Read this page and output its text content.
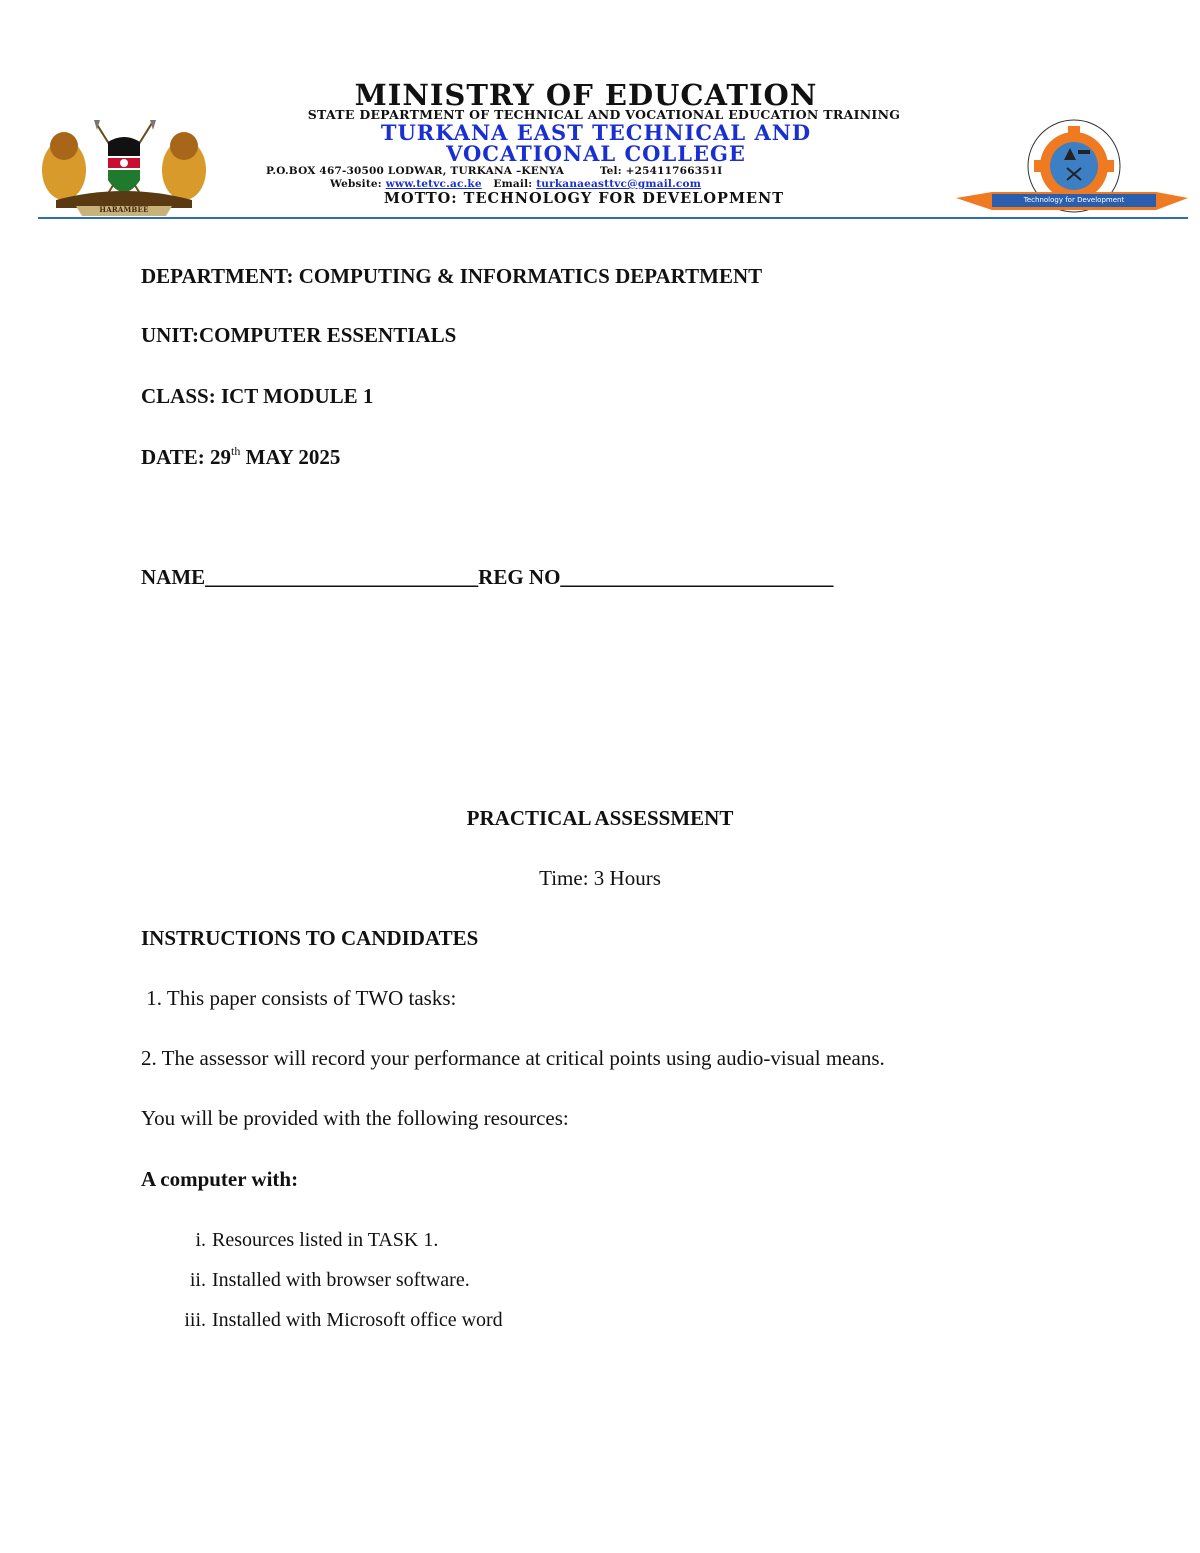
HARAMBEE
Technology for Development
MINISTRY OF EDUCATION
STATE DEPARTMENT OF TECHNICAL AND VOCATIONAL EDUCATION TRAINING
TURKANA EAST TECHNICAL AND
VOCATIONAL COLLEGE
P.O.BOX 467-30500 LODWAR, TURKANA –KENYA	Tel: +25411766351I
Website: www.tetvc.ac.ke Email: turkanaeasttvc@gmail.com
MOTTO: TECHNOLOGY FOR DEVELOPMENT
DEPARTMENT: COMPUTING & INFORMATICS DEPARTMENT
UNIT:COMPUTER ESSENTIALS
CLASS: ICT MODULE 1
DATE: 29th MAY 2025
NAME__________________________REG NO__________________________
PRACTICAL ASSESSMENT
Time: 3 Hours
INSTRUCTIONS TO CANDIDATES
1. This paper consists of TWO tasks:
2. The assessor will record your performance at critical points using audio-visual means.
You will be provided with the following resources:
A computer with:
i. Resources listed in TASK 1.
ii. Installed with browser software.
iii. Installed with Microsoft office word
